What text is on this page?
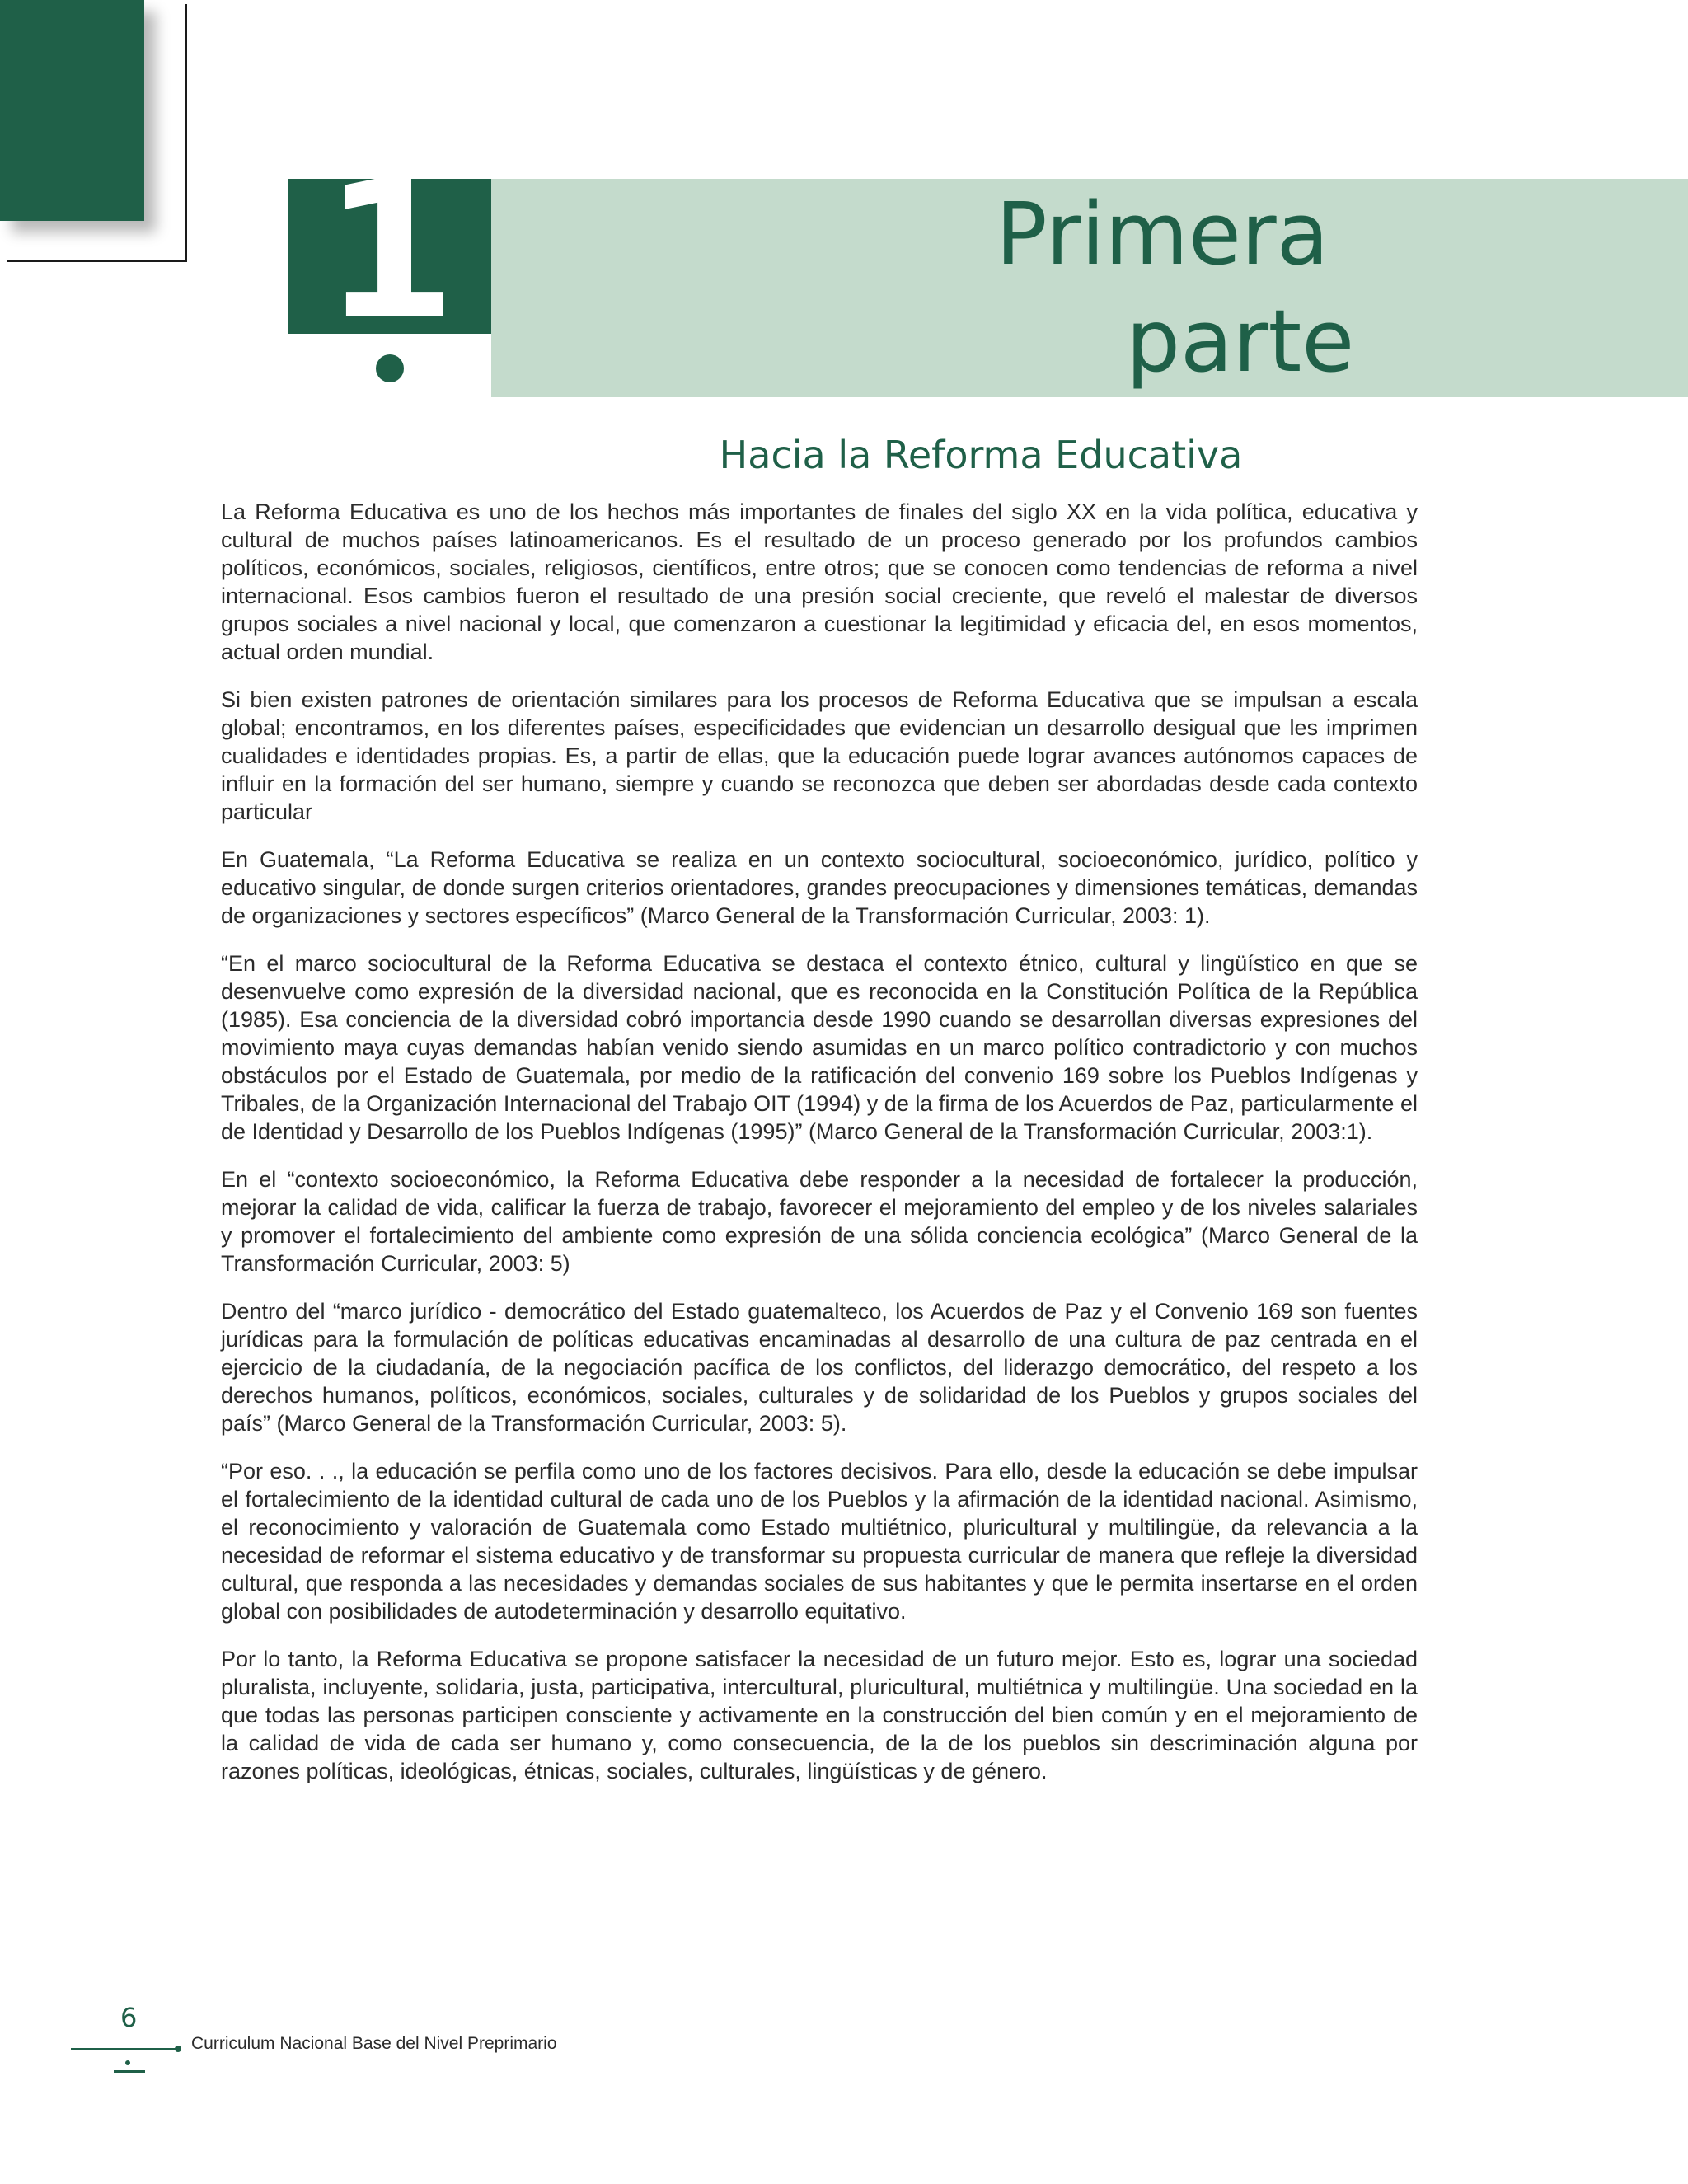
1	Primera
parte
Hacia la Reforma Educativa

La Reforma Educativa es uno de los hechos más importantes de finales del siglo XX en la vida política, educativa y cultural de muchos países latinoamericanos. Es el resultado de un proceso generado por los profundos cambios políticos, económicos, sociales, religiosos, científicos, entre otros; que se conocen como tendencias de reforma a nivel internacional. Esos cambios fueron el resultado de una presión social creciente, que reveló el malestar de diversos grupos sociales a nivel nacional y local, que comenzaron a cuestionar la legitimidad y eficacia del, en esos momentos, actual orden mundial.

Si bien existen patrones de orientación similares para los procesos de Reforma Educativa que se impulsan a escala global; encontramos, en los diferentes países, especificidades que evidencian un desarrollo desigual que les imprimen cualidades e identidades propias. Es, a partir de ellas, que la educación puede lograr avances autónomos capaces de influir en la formación del ser humano, siempre y cuando se reconozca que deben ser abordadas desde cada contexto particular

En Guatemala, “La Reforma Educativa se realiza en un contexto sociocultural, socioeconómico, jurídico, político y educativo singular, de donde surgen criterios orientadores, grandes preocupaciones y dimensiones temáticas, demandas de organizaciones y sectores específicos” (Marco General de la Transformación Curricular, 2003: 1).

“En el marco sociocultural de la Reforma Educativa se destaca el contexto étnico, cultural y lingüístico en que se desenvuelve como expresión de la diversidad nacional, que es reconocida en la Constitución Política de la República (1985). Esa conciencia de la diversidad cobró importancia desde 1990 cuando se desarrollan diversas expresiones del movimiento maya cuyas demandas habían venido siendo asumidas en un marco político contradictorio y con muchos obstáculos por el Estado de Guatemala, por medio de la ratificación del convenio 169 sobre los Pueblos Indígenas y Tribales, de la Organización Internacional del Trabajo OIT (1994) y de la firma de los Acuerdos de Paz, particularmente el de Identidad y Desarrollo de los Pueblos Indígenas (1995)” (Marco General de la Transformación Curricular, 2003:1).

En el “contexto socioeconómico, la Reforma Educativa debe responder a la necesidad de fortalecer la producción, mejorar la calidad de vida, calificar la fuerza de trabajo, favorecer el mejoramiento del empleo y de los niveles salariales y promover el fortalecimiento del ambiente como expresión de una sólida conciencia ecológica” (Marco General de la Transformación Curricular, 2003: 5)

Dentro del “marco jurídico - democrático del Estado guatemalteco, los Acuerdos de Paz y el Convenio 169 son fuentes jurídicas para la formulación de políticas educativas encaminadas al desarrollo de una cultura de paz centrada en el ejercicio de la ciudadanía, de la negociación pacífica de los conflictos, del liderazgo democrático, del respeto a los derechos humanos, políticos, económicos, sociales, culturales y de solidaridad de los Pueblos y grupos sociales del país” (Marco General de la Transformación Curricular, 2003: 5).

“Por eso. . ., la educación se perfila como uno de los factores decisivos. Para ello, desde la educación se debe impulsar el fortalecimiento de la identidad cultural de cada uno de los Pueblos y la afirmación de la identidad nacional. Asimismo, el reconocimiento y valoración de Guatemala como Estado multiétnico, pluricultural y multilingüe, da relevancia a la necesidad de reformar el sistema educativo y de transformar su propuesta curricular de manera que refleje la diversidad cultural, que responda a las necesidades y demandas sociales de sus habitantes y que le permita insertarse en el orden global con posibilidades de autodeterminación y desarrollo equitativo.

Por lo tanto, la Reforma Educativa se propone satisfacer la necesidad de un futuro mejor. Esto es, lograr una sociedad pluralista, incluyente, solidaria, justa, participativa, intercultural, pluricultural, multiétnica y multilingüe. Una sociedad en la que todas las personas participen consciente y activamente en la construcción del bien común y en el mejoramiento de la calidad de vida de cada ser humano y, como consecuencia, de la de los pueblos sin descriminación alguna por razones políticas, ideológicas, étnicas, sociales, culturales, lingüísticas y de género.

6
Curriculum Nacional Base del Nivel Preprimario
